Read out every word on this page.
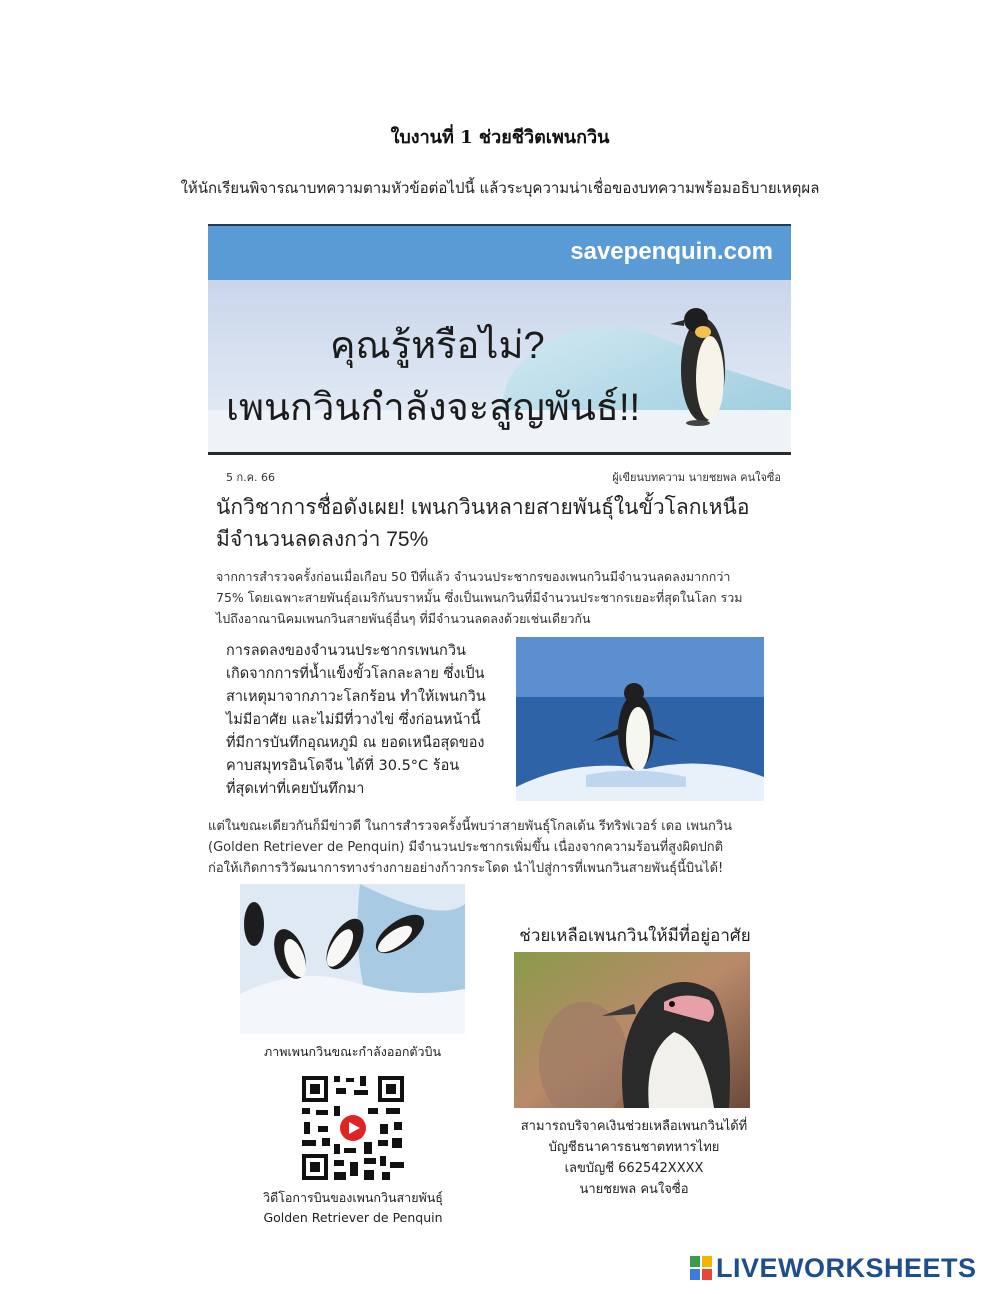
ใบงานที่ 1 ช่วยชีวิตเพนกวิน
ให้นักเรียนพิจารณาบทความตามหัวข้อต่อไปนี้ แล้วระบุความน่าเชื่อของบทความพร้อมอธิบายเหตุผล
savepenquin.com
คุณรู้หรือไม่?
เพนกวินกำลังจะสูญพันธ์!!
5 ก.ค. 66	ผู้เขียนบทความ นายชยพล คนใจซื่อ
นักวิชาการชื่อดังเผย! เพนกวินหลายสายพันธุ์ในขั้วโลกเหนือ
มีจำนวนลดลงกว่า 75%
จากการสำรวจครั้งก่อนเมื่อเกือบ 50 ปีที่แล้ว จำนวนประชากรของเพนกวินมีจำนวนลดลงมากกว่า
75% โดยเฉพาะสายพันธุ์อเมริกันบราหมั้น ซึ่งเป็นเพนกวินที่มีจำนวนประชากรเยอะที่สุดในโลก รวม
ไปถึงอาณานิคมเพนกวินสายพันธุ์อื่นๆ ที่มีจำนวนลดลงด้วยเช่นเดียวกัน
การลดลงของจำนวนประชากรเพนกวิน
เกิดจากการที่น้ำแข็งขั้วโลกละลาย ซึ่งเป็น
สาเหตุมาจากภาวะโลกร้อน ทำให้เพนกวิน
ไม่มีอาศัย และไม่มีที่วางไข่ ซึ่งก่อนหน้านี้
ที่มีการบันทึกอุณหภูมิ ณ ยอดเหนือสุดของ
คาบสมุทรอินโดจีน ได้ที่ 30.5°C ร้อน
ที่สุดเท่าที่เคยบันทึกมา
แต่ในขณะเดียวกันก็มีข่าวดี ในการสำรวจครั้งนี้พบว่าสายพันธุ์โกลเด้น รีทริฟเวอร์ เดอ เพนกวิน
(Golden Retriever de Penquin) มีจำนวนประชากรเพิ่มขึ้น เนื่องจากความร้อนที่สูงผิดปกติ
ก่อให้เกิดการวิวัฒนาการทางร่างกายอย่างก้าวกระโดด นำไปสู่การที่เพนกวินสายพันธุ์นี้บินได้!
ภาพเพนกวินขณะกำลังออกตัวบิน
วิดีโอการบินของเพนกวินสายพันธุ์
Golden Retriever de Penquin
ช่วยเหลือเพนกวินให้มีที่อยู่อาศัย
สามารถบริจาคเงินช่วยเหลือเพนกวินได้ที่
บัญชีธนาคารธนชาตทหารไทย
เลขบัญชี 662542XXXX
นายชยพล คนใจซื่อ
LIVEWORKSHEETS
